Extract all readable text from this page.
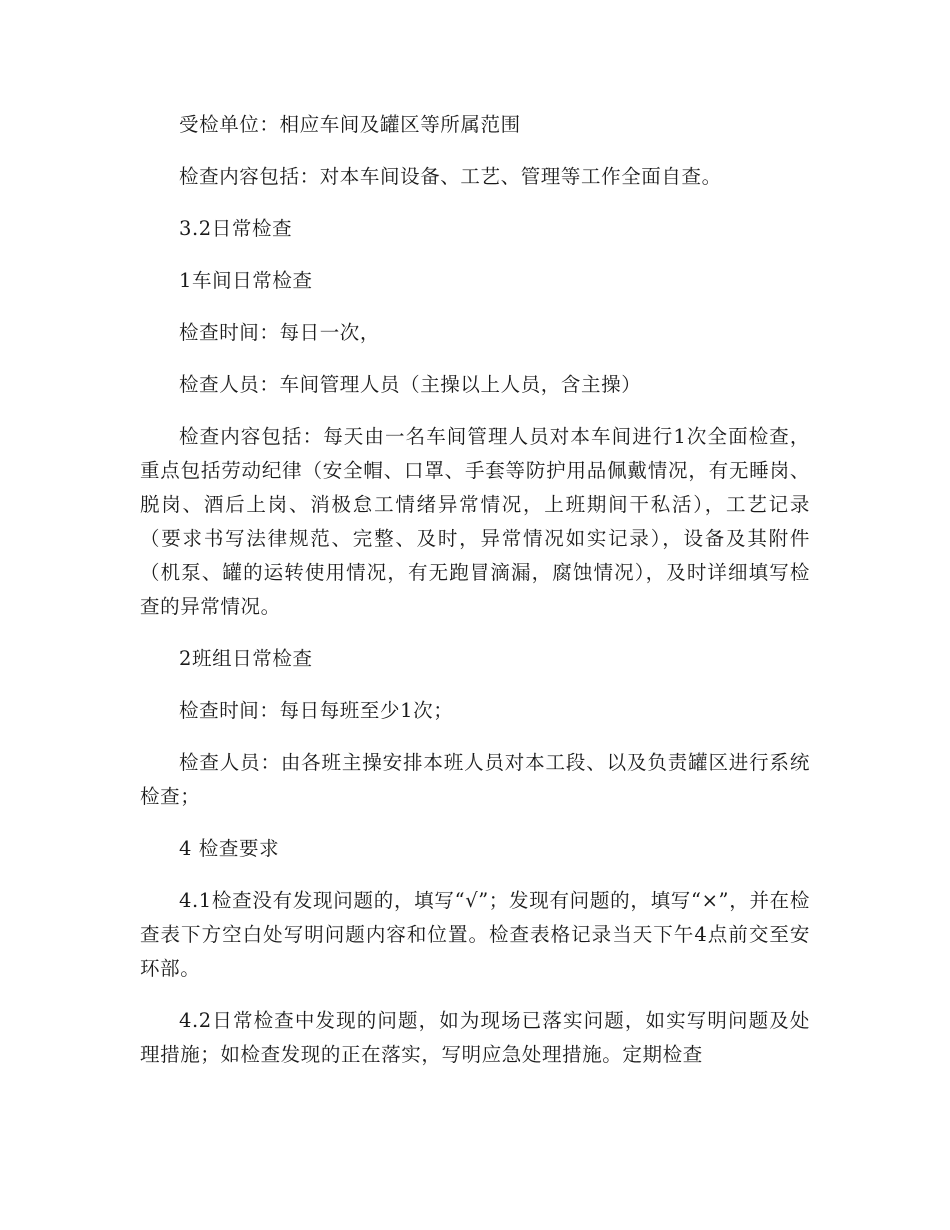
受检单位：相应车间及罐区等所属范围

检查内容包括：对本车间设备、工艺、管理等工作全面自查。

3.2日常检查

1车间日常检查

检查时间：每日一次，

检查人员：车间管理人员（主操以上人员，含主操）

检查内容包括：每天由一名车间管理人员对本车间进行1次全面检查，重点包括劳动纪律（安全帽、口罩、手套等防护用品佩戴情况，有无睡岗、脱岗、酒后上岗、消极怠工情绪异常情况，上班期间干私活），工艺记录（要求书写法律规范、完整、及时，异常情况如实记录），设备及其附件（机泵、罐的运转使用情况，有无跑冒滴漏，腐蚀情况），及时详细填写检查的异常情况。

2班组日常检查

检查时间：每日每班至少1次；

检查人员：由各班主操安排本班人员对本工段、以及负责罐区进行系统检查；

4 检查要求

4.1检查没有发现问题的，填写“√”；发现有问题的，填写“×”，并在检查表下方空白处写明问题内容和位置。检查表格记录当天下午4点前交至安环部。

4.2日常检查中发现的问题，如为现场已落实问题，如实写明问题及处理措施；如检查发现的正在落实，写明应急处理措施。定期检查
